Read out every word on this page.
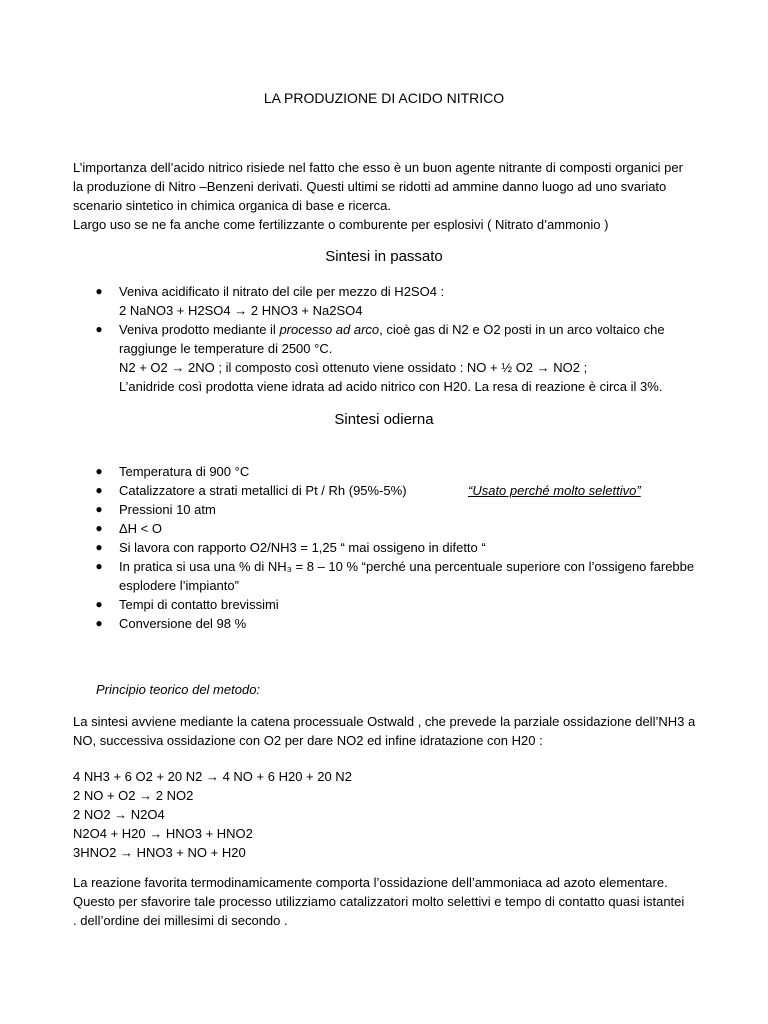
LA PRODUZIONE DI ACIDO NITRICO
L’importanza dell’acido nitrico risiede nel fatto che esso è un buon agente nitrante di composti organici per
la produzione di Nitro –Benzeni derivati. Questi ultimi se ridotti ad ammine danno luogo ad uno svariato
scenario sintetico in chimica organica di base e ricerca.
Largo uso se ne fa anche come fertilizzante o comburente per esplosivi ( Nitrato d’ammonio )
Sintesi in passato
● Veniva acidificato il nitrato del cile per mezzo di H2SO4 :
2 NaNO3 + H2SO4 → 2 HNO3 + Na2SO4
● Veniva prodotto mediante il processo ad arco, cioè gas di N2 e O2 posti in un arco voltaico che
raggiunge le temperature di 2500 °C.
N2 + O2 → 2NO ; il composto così ottenuto viene ossidato : NO + ½ O2 → NO2 ;
L’anidride così prodotta viene idrata ad acido nitrico con H20. La resa di reazione è circa il 3%.
Sintesi odierna
● Temperatura di 900 °C
● Catalizzatore a strati metallici di Pt / Rh (95%-5%)	“Usato perché molto selettivo”
● Pressioni 10 atm
● ΔH < O
● Si lavora con rapporto O2/NH3 = 1,25 “ mai ossigeno in difetto “
● In pratica si usa una % di NH₃ = 8 – 10 % “perché una percentuale superiore con l’ossigeno farebbe
esplodere l’impianto”
● Tempi di contatto brevissimi
● Conversione del 98 %
Principio teorico del metodo:
La sintesi avviene mediante la catena processuale Ostwald , che prevede la parziale ossidazione dell’NH3 a
NO, successiva ossidazione con O2 per dare NO2 ed infine idratazione con H20 :
4 NH3 + 6 O2 + 20 N2 → 4 NO + 6 H20 + 20 N2
2 NO + O2 → 2 NO2
2 NO2 → N2O4
N2O4 + H20 → HNO3 + HNO2
3HNO2 → HNO3 + NO + H20
La reazione favorita termodinamicamente comporta l’ossidazione dell’ammoniaca ad azoto elementare.
Questo per sfavorire tale processo utilizziamo catalizzatori molto selettivi e tempo di contatto quasi istantei
. dell’ordine dei millesimi di secondo .
